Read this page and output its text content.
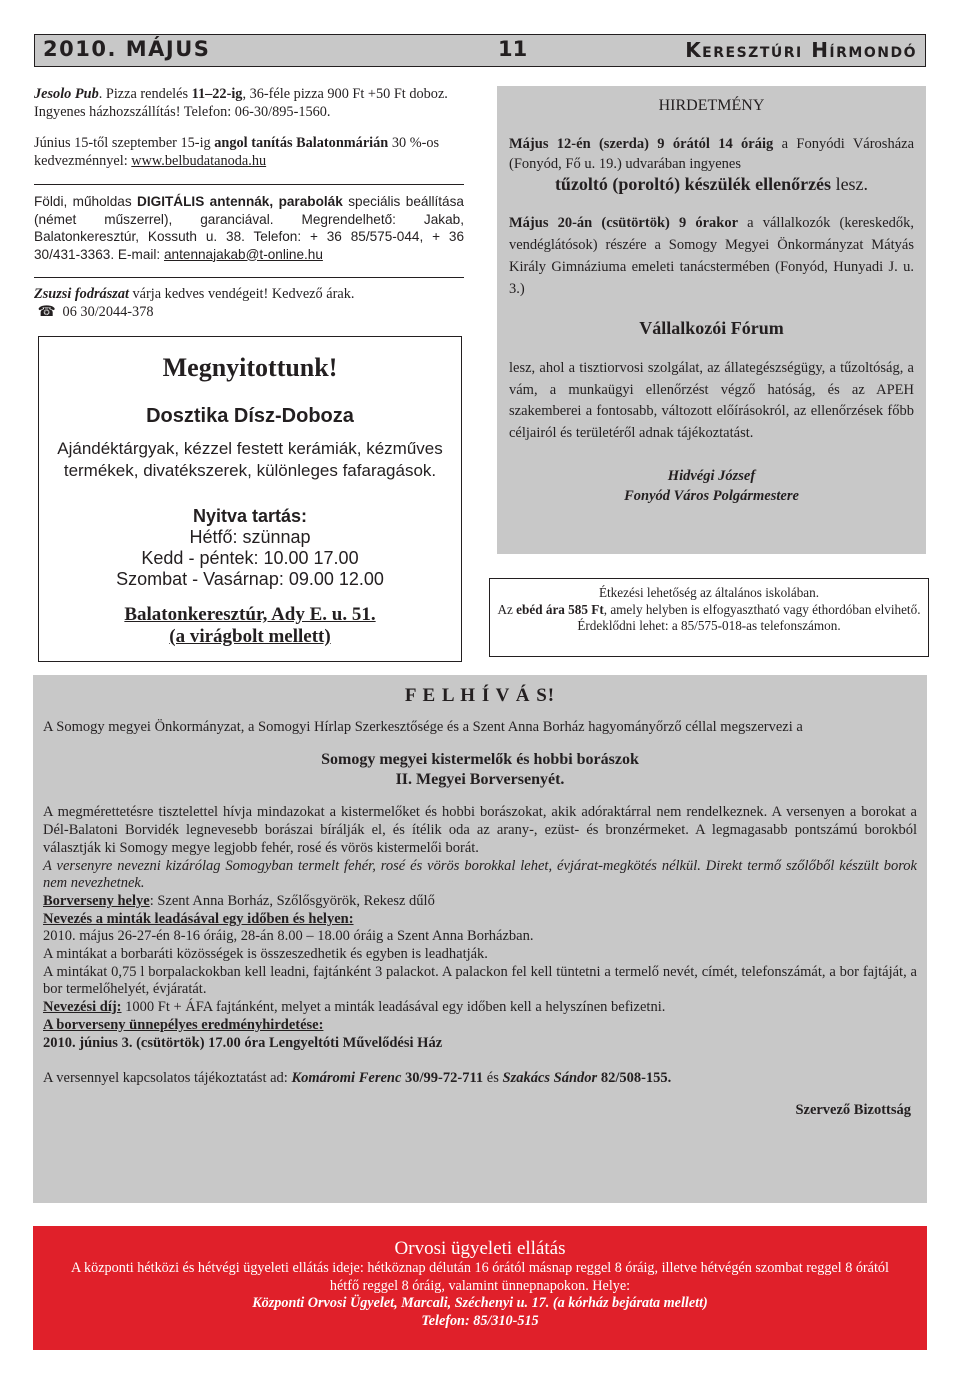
2010. MÁJUS	11	Keresztúri Hírmondó
Jesolo Pub. Pizza rendelés 11–22-ig, 36-féle pizza 900 Ft +50 Ft doboz. Ingyenes házhozszállítás! Telefon: 06-30/895-1560.
Június 15-től szeptember 15-ig angol tanítás Balatonmárián 30 %-os kedvezménnyel: www.belbudatanoda.hu
Földi, műholdas DIGITÁLIS antennák, parabolák speciális beállítása (német műszerrel), garanciával. Megrendelhető: Jakab, Balatonkeresztúr, Kossuth u. 38. Telefon: + 36 85/575-044, + 36 30/431-3363. E-mail: antennajakab@t-online.hu
Zsuzsi fodrászat várja kedves vendégeit! Kedvező árak.
☎ 06 30/2044-378
Megnyitottunk!
Dosztika Dísz-Doboza
Ajándéktárgyak, kézzel festett kerámiák, kézműves termékek, divatékszerek, különleges fafaragások.
Nyitva tartás:
Hétfő: szünnap
Kedd - péntek: 10.00 17.00
Szombat - Vasárnap: 09.00 12.00
Balatonkeresztúr, Ady E. u. 51.
(a virágbolt mellett)
HIRDETMÉNY
Május 12-én (szerda) 9 órától 14 óráig a Fonyódi Városháza (Fonyód, Fő u. 19.) udvarában ingyenes
tűzoltó (poroltó) készülék ellenőrzés lesz.
Május 20-án (csütörtök) 9 órakor a vállalkozók (kereskedők, vendéglátósok) részére a Somogy Megyei Önkormányzat Mátyás Király Gimnáziuma emeleti tanácstermében (Fonyód, Hunyadi J. u. 3.)
Vállalkozói Fórum
lesz, ahol a tisztiorvosi szolgálat, az állategészségügy, a tűzoltóság, a vám, a munkaügyi ellenőrzést végző hatóság, és az APEH szakemberei a fontosabb, változott előírásokról, az ellenőrzések főbb céljairól és területéről adnak tájékoztatást.
Hidvégi József
Fonyód Város Polgármestere
Étkezési lehetőség az általános iskolában.
Az ebéd ára 585 Ft, amely helyben is elfogyasztható vagy éthordóban elvihető.
Érdeklődni lehet: a 85/575-018-as telefonszámon.
F E L H Í V Á S!
A Somogy megyei Önkormányzat, a Somogyi Hírlap Szerkesztősége és a Szent Anna Borház hagyományőrző céllal megszervezi a
Somogy megyei kistermelők és hobbi borászok
II. Megyei Borversenyét.
A megmérettetésre tisztelettel hívja mindazokat a kistermelőket és hobbi borászokat, akik adóraktárral nem rendelkeznek. A versenyen a borokat a Dél-Balatoni Borvidék legnevesebb borászai bírálják el, és ítélik oda az arany-, ezüst- és bronzérmeket. A legmagasabb pontszámú borokból választják ki Somogy megye legjobb fehér, rosé és vörös kistermelői borát.
A versenyre nevezni kizárólag Somogyban termelt fehér, rosé és vörös borokkal lehet, évjárat-megkötés nélkül. Direkt termő szőlőből készült borok nem nevezhetnek.
Borverseny helye: Szent Anna Borház, Szőlősgyörök, Rekesz dűlő
Nevezés a minták leadásával egy időben és helyen:
2010. május 26-27-én 8-16 óráig, 28-án 8.00 – 18.00 óráig a Szent Anna Borházban.
A mintákat a borbaráti közösségek is összeszedhetik és egyben is leadhatják.
A mintákat 0,75 l borpalackokban kell leadni, fajtánként 3 palackot. A palackon fel kell tüntetni a termelő nevét, címét, telefonszámát, a bor fajtáját, a bor termelőhelyét, évjáratát.
Nevezési díj: 1000 Ft + ÁFA fajtánként, melyet a minták leadásával egy időben kell a helyszínen befizetni.
A borverseny ünnepélyes eredményhirdetése:
2010. június 3. (csütörtök) 17.00 óra Lengyeltóti Művelődési Ház
A versennyel kapcsolatos tájékoztatást ad: Komáromi Ferenc 30/99-72-711 és Szakács Sándor 82/508-155.
Szervező Bizottság
Orvosi ügyeleti ellátás
A központi hétközi és hétvégi ügyeleti ellátás ideje: hétköznap délután 16 órától másnap reggel 8 óráig, illetve hétvégén szombat reggel 8 órától hétfő reggel 8 óráig, valamint ünnepnapokon. Helye:
Központi Orvosi Ügyelet, Marcali, Széchenyi u. 17. (a kórház bejárata mellett)
Telefon: 85/310-515
